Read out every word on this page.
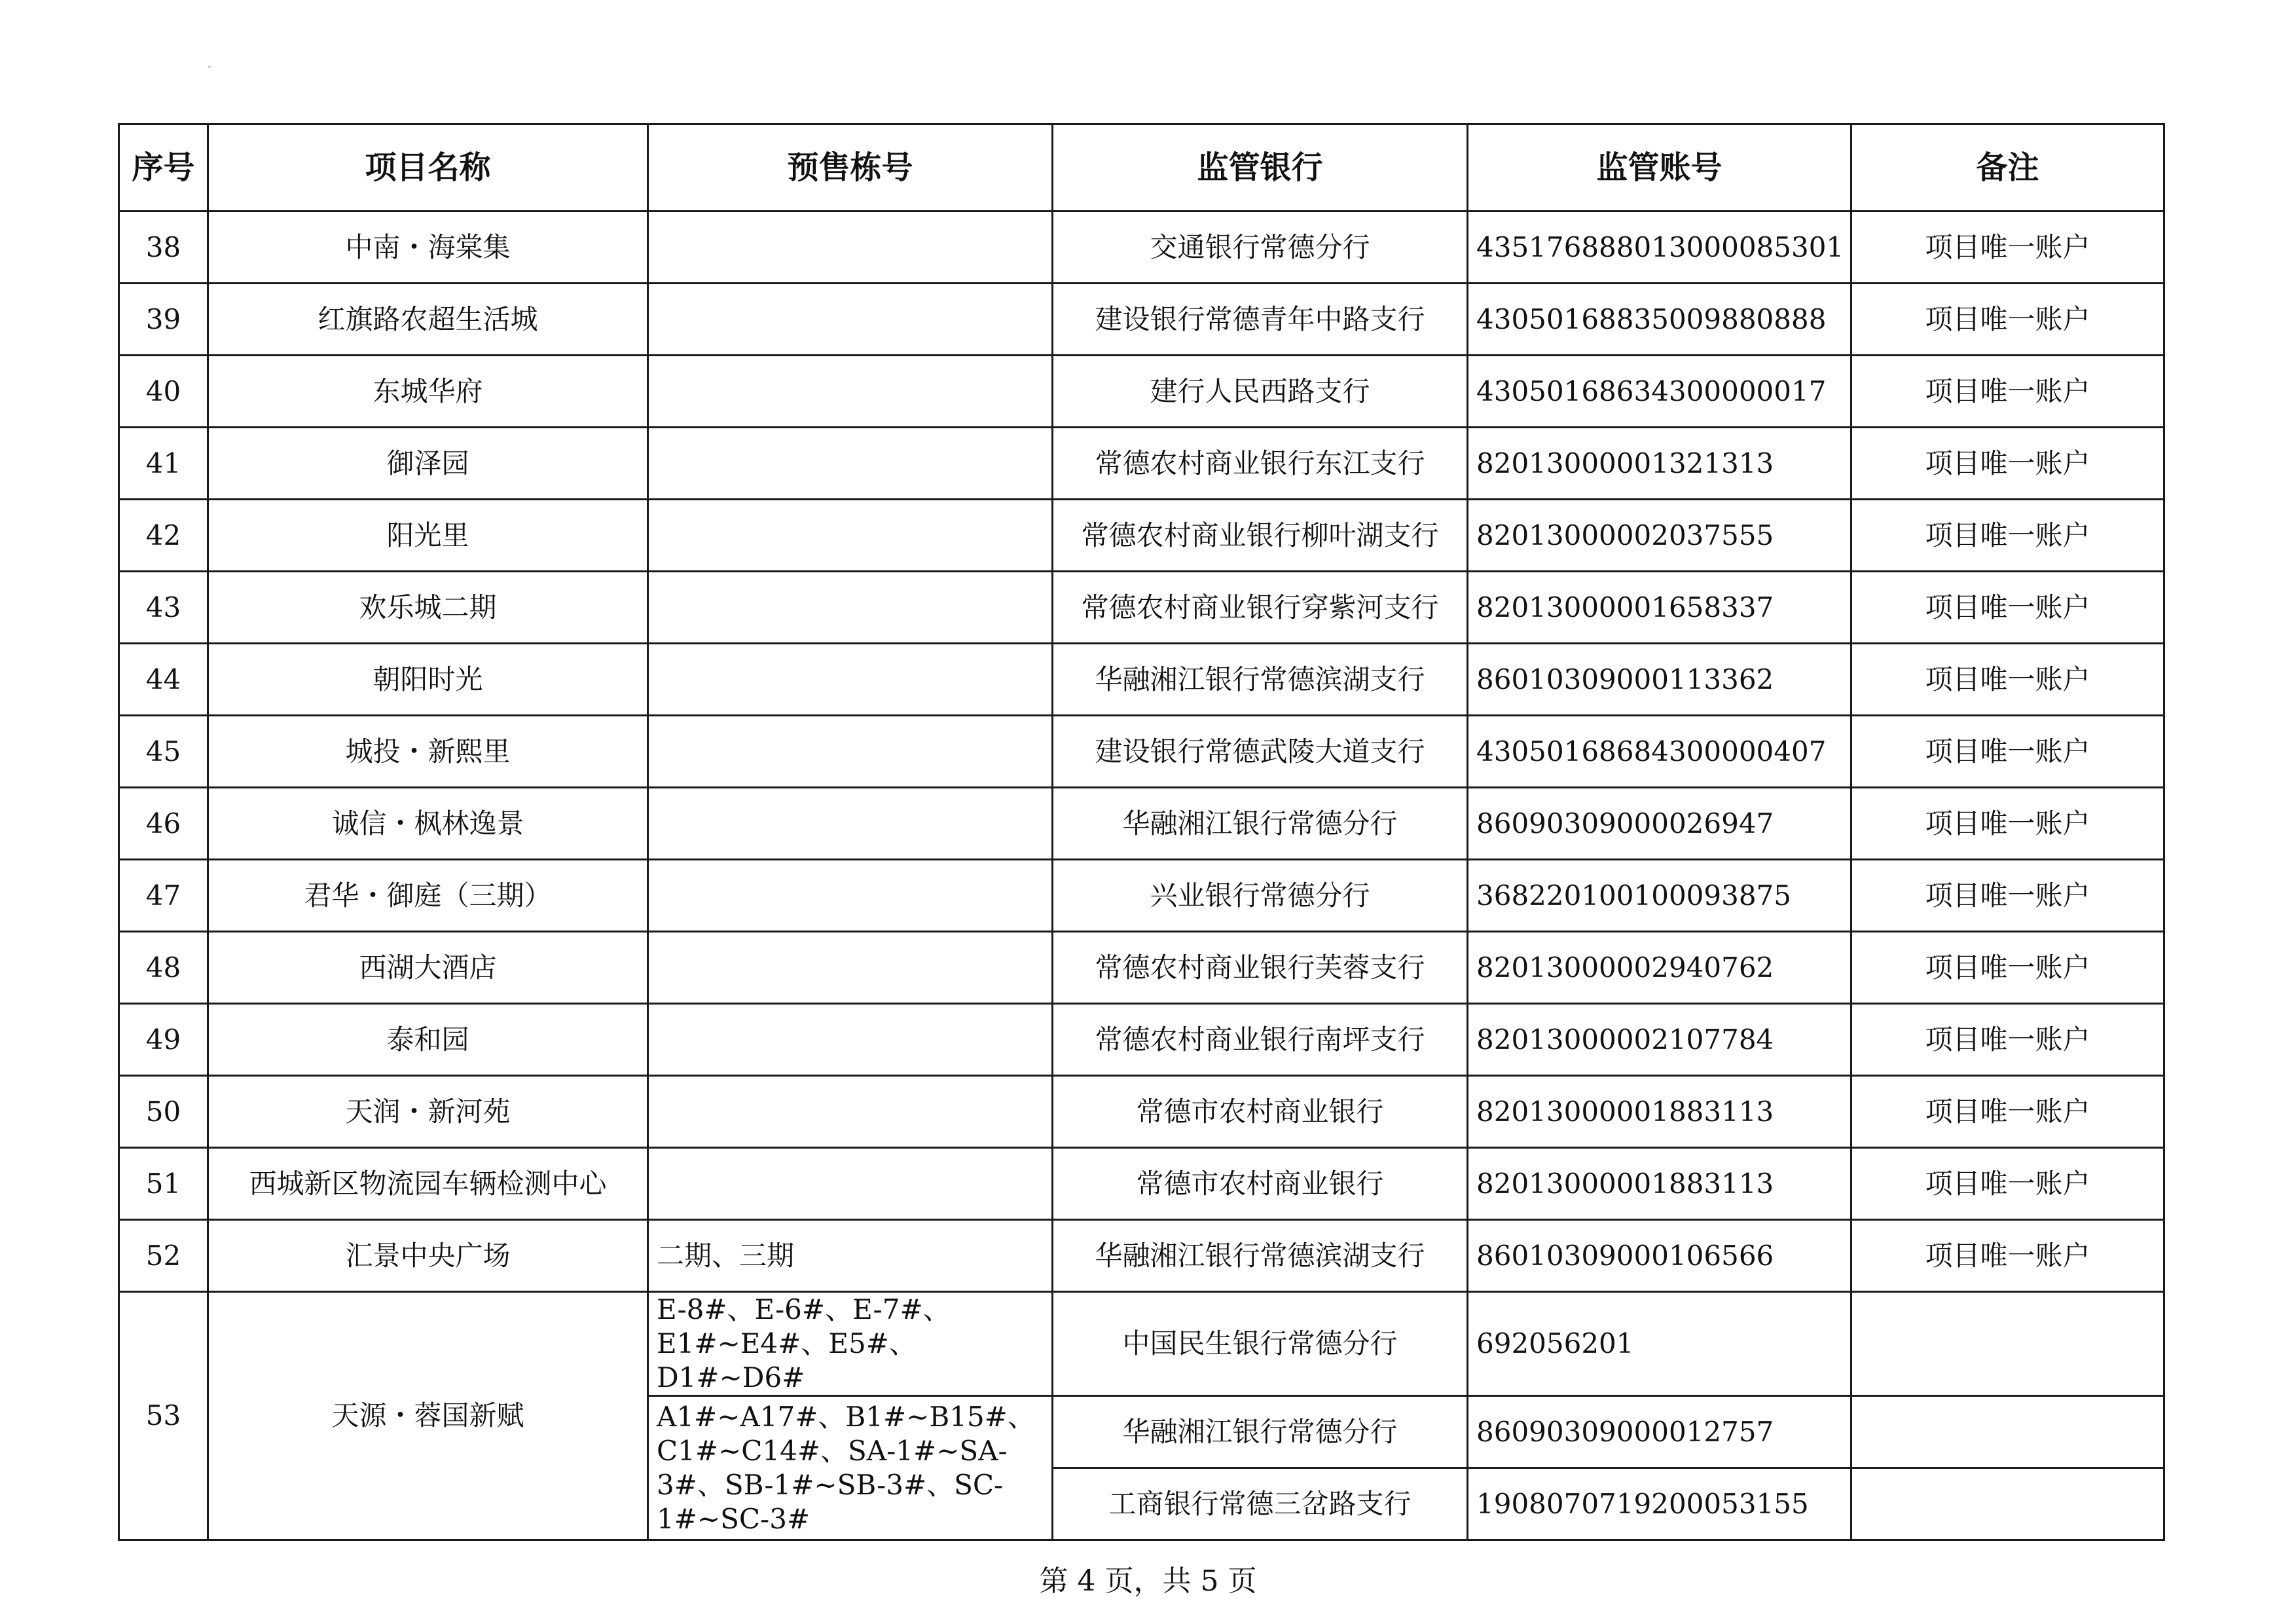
序号	项目名称	预售栋号	监管银行	监管账号	备注
38	中南・海棠集		交通银行常德分行	435176888013000085301	项目唯一账户
39	红旗路农超生活城		建设银行常德青年中路支行	43050168835009880888	项目唯一账户
40	东城华府		建行人民西路支行	43050168634300000017	项目唯一账户
41	御泽园		常德农村商业银行东江支行	82013000001321313	项目唯一账户
42	阳光里		常德农村商业银行柳叶湖支行	82013000002037555	项目唯一账户
43	欢乐城二期		常德农村商业银行穿紫河支行	82013000001658337	项目唯一账户
44	朝阳时光		华融湘江银行常德滨湖支行	86010309000113362	项目唯一账户
45	城投・新熙里		建设银行常德武陵大道支行	43050168684300000407	项目唯一账户
46	诚信・枫林逸景		华融湘江银行常德分行	86090309000026947	项目唯一账户
47	君华・御庭（三期）		兴业银行常德分行	368220100100093875	项目唯一账户
48	西湖大酒店		常德农村商业银行芙蓉支行	82013000002940762	项目唯一账户
49	泰和园		常德农村商业银行南坪支行	82013000002107784	项目唯一账户
50	天润・新河苑		常德市农村商业银行	82013000001883113	项目唯一账户
51	西城新区物流园车辆检测中心		常德市农村商业银行	82013000001883113	项目唯一账户
52	汇景中央广场	二期、三期	华融湘江银行常德滨湖支行	86010309000106566	项目唯一账户
53	天源・蓉国新赋	E-8#、E-6#、E-7#、E1#~E4#、E5#、D1#~D6#	中国民生银行常德分行	692056201	
		A1#~A17#、B1#~B15#、C1#~C14#、SA-1#~SA-3#、SB-1#~SB-3#、SC-1#~SC-3#	华融湘江银行常德分行	86090309000012757	
			工商银行常德三岔路支行	1908070719200053155	
第 4 页，共 5 页
